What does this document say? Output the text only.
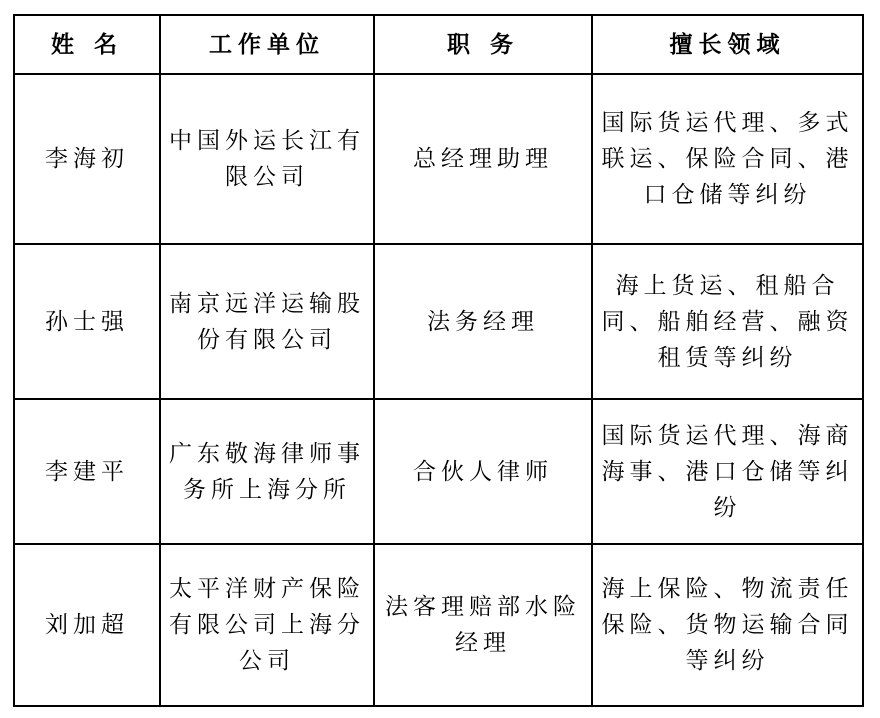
姓 名	工作单位	职 务	擅长领域
李海初	中国外运长江有限公司	总经理助理	国际货运代理、多式联运、保险合同、港口仓储等纠纷
孙士强	南京远洋运输股份有限公司	法务经理	海上货运、租船合同、船舶经营、融资租赁等纠纷
李建平	广东敬海律师事务所上海分所	合伙人律师	国际货运代理、海商海事、港口仓储等纠纷
刘加超	太平洋财产保险有限公司上海分公司	法客理赔部水险经理	海上保险、物流责任保险、货物运输合同等纠纷
